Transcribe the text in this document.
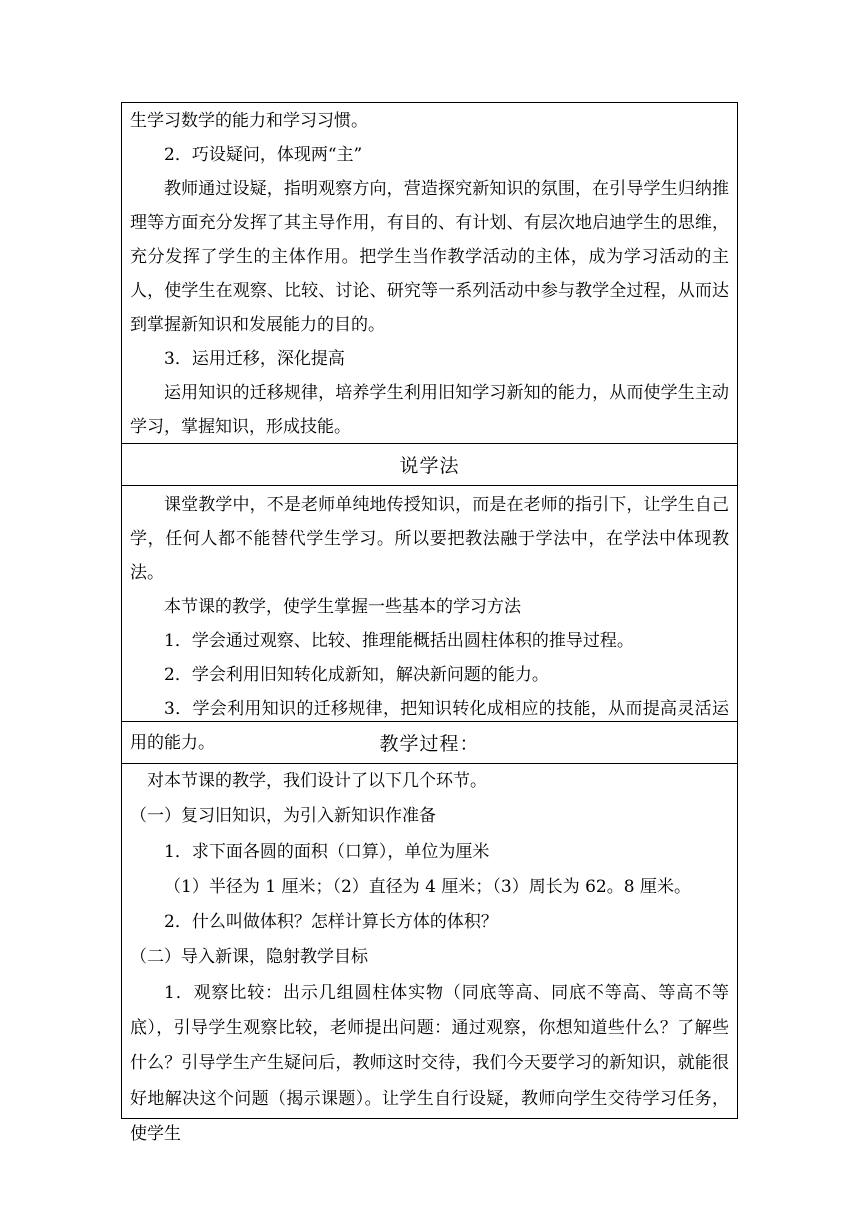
生学习数学的能力和学习习惯。

2．巧设疑问，体现两“主”

教师通过设疑，指明观察方向，营造探究新知识的氛围，在引导学生归纳推理等方面充分发挥了其主导作用，有目的、有计划、有层次地启迪学生的思维，充分发挥了学生的主体作用。把学生当作教学活动的主体，成为学习活动的主人，使学生在观察、比较、讨论、研究等一系列活动中参与教学全过程，从而达到掌握新知识和发展能力的目的。

3．运用迁移，深化提高

运用知识的迁移规律，培养学生利用旧知学习新知的能力，从而使学生主动学习，掌握知识，形成技能。

说学法

课堂教学中，不是老师单纯地传授知识，而是在老师的指引下，让学生自己学，任何人都不能替代学生学习。所以要把教法融于学法中，在学法中体现教法。

本节课的教学，使学生掌握一些基本的学习方法

1．学会通过观察、比较、推理能概括出圆柱体积的推导过程。

2．学会利用旧知转化成新知，解决新问题的能力。

3．学会利用知识的迁移规律，把知识转化成相应的技能，从而提高灵活运用的能力。	教学过程：

对本节课的教学，我们设计了以下几个环节。

（一）复习旧知识，为引入新知识作准备

1．求下面各圆的面积（口算），单位为厘米

（1）半径为 1 厘米；（2）直径为 4 厘米；（3）周长为 62。8 厘米。

2．什么叫做体积？怎样计算长方体的体积？

（二）导入新课，隐射教学目标

1．观察比较：出示几组圆柱体实物（同底等高、同底不等高、等高不等底），引导学生观察比较，老师提出问题：通过观察，你想知道些什么？了解些什么？引导学生产生疑问后，教师这时交待，我们今天要学习的新知识，就能很好地解决这个问题（揭示课题）。让学生自行设疑，教师向学生交待学习任务，使学生
